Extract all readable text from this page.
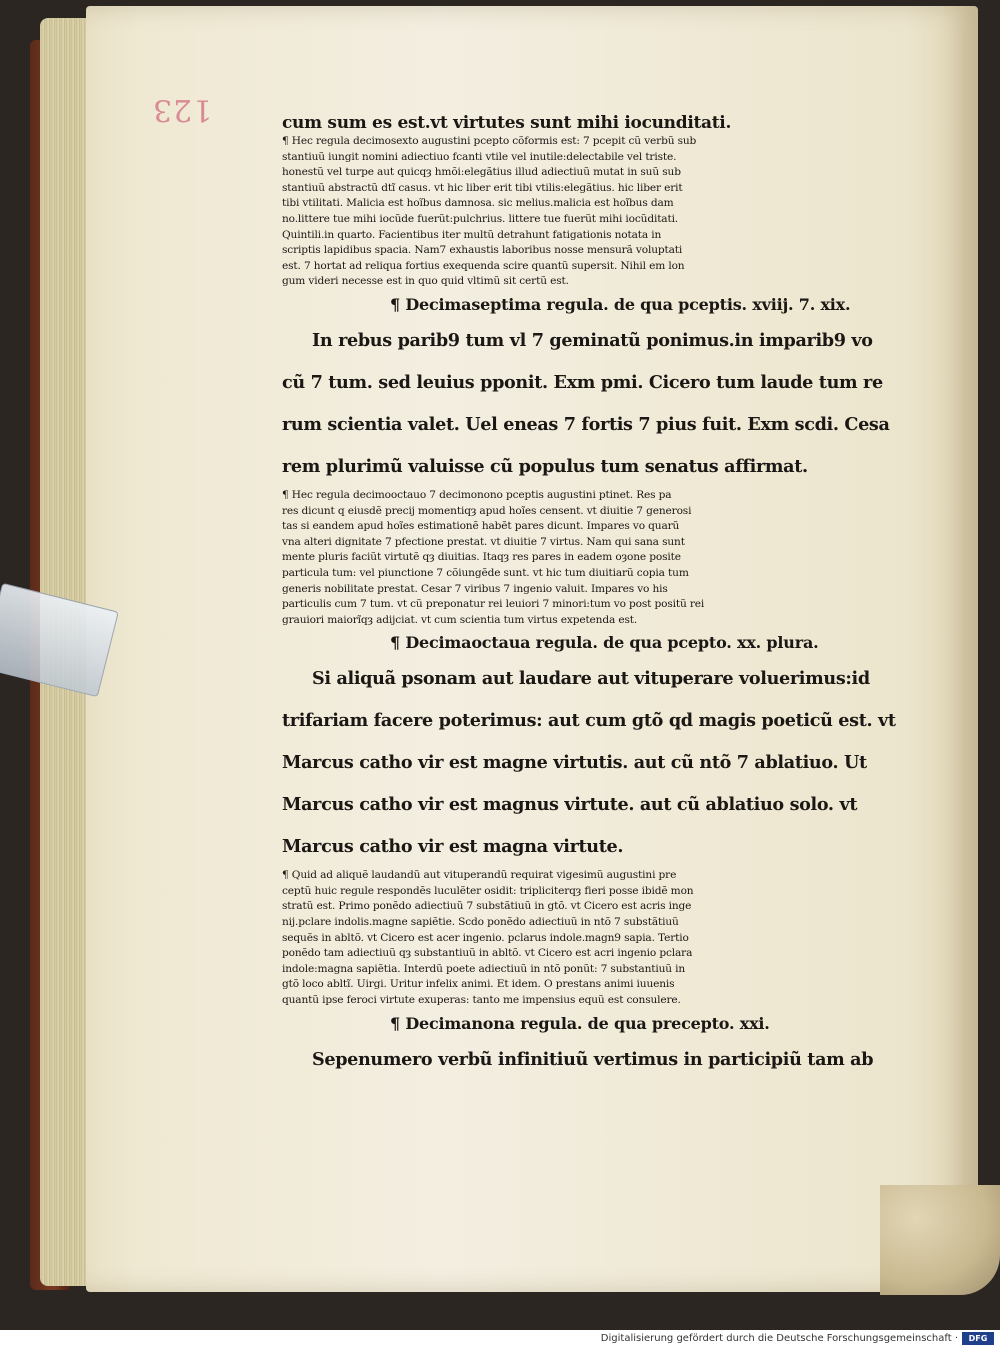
123	cum sum es est.vt virtutes sunt mihi iocunditati.
¶ Hec regula decimosexto augustini pcepto cõformis est: 7 pcepit cũ verbũ sub
stantiuũ iungit nomini adiectiuo fcanti vtile vel inutile:delectabile vel triste.
honestũ vel turpe aut quicqȝ hmõi:elegãtius illud adiectiuũ mutat in suũ sub
stantiuũ abstractũ dtĩ casus. vt hic liber erit tibi vtilis:elegãtius. hic liber erit
tibi vtilitati. Malicia est hoĩbus damnosa. sic melius.malicia est hoĩbus dam
no.littere tue mihi iocũde fuerũt:pulchrius. littere tue fuerũt mihi iocũditati.
Quintili.in quarto. Facientibus iter multũ detrahunt fatigationis notata in
scriptis lapidibus spacia. Nam7 exhaustis laboribus nosse mensurã voluptati
est. 7 hortat ad reliqua fortius exequenda scire quantũ supersit. Nihil em lon
gum videri necesse est in quo quid vltimũ sit certũ est.
¶ Decimaseptima regula. de qua pceptis. xviij. 7. xix.
In rebus parib9 tum vl 7 geminatũ ponimus.in imparib9 vo
cũ 7 tum. sed leuius pponit. Exm pmi. Cicero tum laude tum re
rum scientia valet. Uel eneas 7 fortis 7 pius fuit. Exm scdi. Cesa
rem plurimũ valuisse cũ populus tum senatus affirmat.
¶ Hec regula decimooctauo 7 decimonono pceptis augustini ptinet. Res pa
res dicunt q eiusdẽ precij momentiqȝ apud hoĩes censent. vt diuitie 7 generosi
tas si eandem apud hoĩes estimationẽ habẽt pares dicunt. Impares vo quarũ
vna alteri dignitate 7 pfectione prestat. vt diuitie 7 virtus. Nam qui sana sunt
mente pluris faciũt virtutẽ qȝ diuitias. Itaqȝ res pares in eadem oȝone posite
particula tum: vel piunctione 7 cõiungẽde sunt. vt hic tum diuitiarũ copia tum
generis nobilitate prestat. Cesar 7 viribus 7 ingenio valuit. Impares vo his
particulis cum 7 tum. vt cũ preponatur rei leuiori 7 minori:tum vo post positũ rei
grauiori maiorĩqȝ adijciat. vt cum scientia tum virtus expetenda est.
¶ Decimaoctaua regula. de qua pcepto. xx. plura.
Si aliquã psonam aut laudare aut vituperare voluerimus:id
trifariam facere poterimus: aut cum gtõ qd magis poeticũ est. vt
Marcus catho vir est magne virtutis. aut cũ ntõ 7 ablatiuo. Ut
Marcus catho vir est magnus virtute. aut cũ ablatiuo solo. vt
Marcus catho vir est magna virtute.
¶ Quid ad aliquẽ laudandũ aut vituperandũ requirat vigesimũ augustini pre
ceptũ huic regule respondẽs luculẽter osidit: tripliciterqȝ fieri posse ibidẽ mon
stratũ est. Primo ponẽdo adiectiuũ 7 substãtiuũ in gtõ. vt Cicero est acris inge
nij.pclare indolis.magne sapiẽtie. Scdo ponẽdo adiectiuũ in ntõ 7 substãtiuũ
sequẽs in abltõ. vt Cicero est acer ingenio. pclarus indole.magn9 sapia. Tertio
ponẽdo tam adiectiuũ qȝ substantiuũ in abltõ. vt Cicero est acri ingenio pclara
indole:magna sapiẽtia. Interdũ poete adiectiuũ in ntõ ponũt: 7 substantiuũ in
gtõ loco abltĩ. Uirgi. Uritur infelix animi. Et idem. O prestans animi iuuenis
quantũ ipse feroci virtute exuperas: tanto me impensius equũ est consulere.
¶ Decimanona regula. de qua precepto. xxi.
Sepenumero verbũ infinitiuũ vertimus in participiũ tam ab
Digitalisierung gefördert durch die Deutsche Forschungsgemeinschaft ·	DFG
